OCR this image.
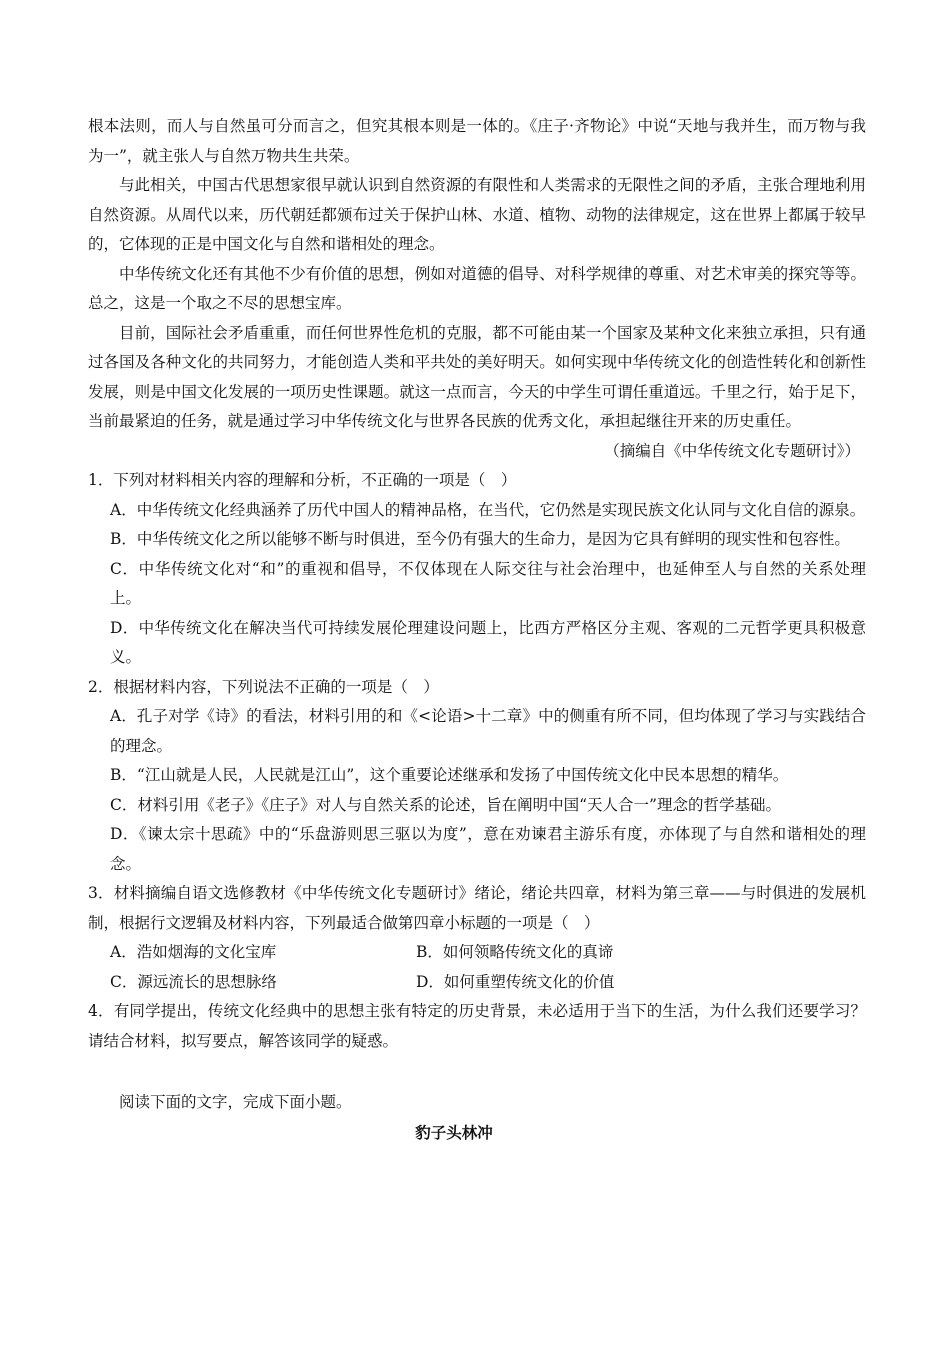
根本法则，而人与自然虽可分而言之，但究其根本则是一体的。《庄子·齐物论》中说“天地与我并生，而万物与我为一”，就主张人与自然万物共生共荣。

与此相关，中国古代思想家很早就认识到自然资源的有限性和人类需求的无限性之间的矛盾，主张合理地利用自然资源。从周代以来，历代朝廷都颁布过关于保护山林、水道、植物、动物的法律规定，这在世界上都属于较早的，它体现的正是中国文化与自然和谐相处的理念。

中华传统文化还有其他不少有价值的思想，例如对道德的倡导、对科学规律的尊重、对艺术审美的探究等等。总之，这是一个取之不尽的思想宝库。

目前，国际社会矛盾重重，而任何世界性危机的克服，都不可能由某一个国家及某种文化来独立承担，只有通过各国及各种文化的共同努力，才能创造人类和平共处的美好明天。如何实现中华传统文化的创造性转化和创新性发展，则是中国文化发展的一项历史性课题。就这一点而言，今天的中学生可谓任重道远。千里之行，始于足下，当前最紧迫的任务，就是通过学习中华传统文化与世界各民族的优秀文化，承担起继往开来的历史重任。

（摘编自《中华传统文化专题研讨》）

1．下列对材料相关内容的理解和分析，不正确的一项是（　）

A．中华传统文化经典涵养了历代中国人的精神品格，在当代，它仍然是实现民族文化认同与文化自信的源泉。

B．中华传统文化之所以能够不断与时俱进，至今仍有强大的生命力，是因为它具有鲜明的现实性和包容性。

C．中华传统文化对“和”的重视和倡导，不仅体现在人际交往与社会治理中，也延伸至人与自然的关系处理上。

D．中华传统文化在解决当代可持续发展伦理建设问题上，比西方严格区分主观、客观的二元哲学更具积极意义。

2．根据材料内容，下列说法不正确的一项是（　）

A．孔子对学《诗》的看法，材料引用的和《<论语>十二章》中的侧重有所不同，但均体现了学习与实践结合的理念。

B．“江山就是人民，人民就是江山”，这个重要论述继承和发扬了中国传统文化中民本思想的精华。

C．材料引用《老子》《庄子》对人与自然关系的论述，旨在阐明中国“天人合一”理念的哲学基础。

D．《谏太宗十思疏》中的“乐盘游则思三驱以为度”，意在劝谏君主游乐有度，亦体现了与自然和谐相处的理念。

3．材料摘编自语文选修教材《中华传统文化专题研讨》绪论，绪论共四章，材料为第三章——与时俱进的发展机制，根据行文逻辑及材料内容，下列最适合做第四章小标题的一项是（　）

A．浩如烟海的文化宝库	B．如何领略传统文化的真谛
C．源远流长的思想脉络	D．如何重塑传统文化的价值

4．有同学提出，传统文化经典中的思想主张有特定的历史背景，未必适用于当下的生活，为什么我们还要学习？请结合材料，拟写要点，解答该同学的疑惑。

阅读下面的文字，完成下面小题。

豹子头林冲
